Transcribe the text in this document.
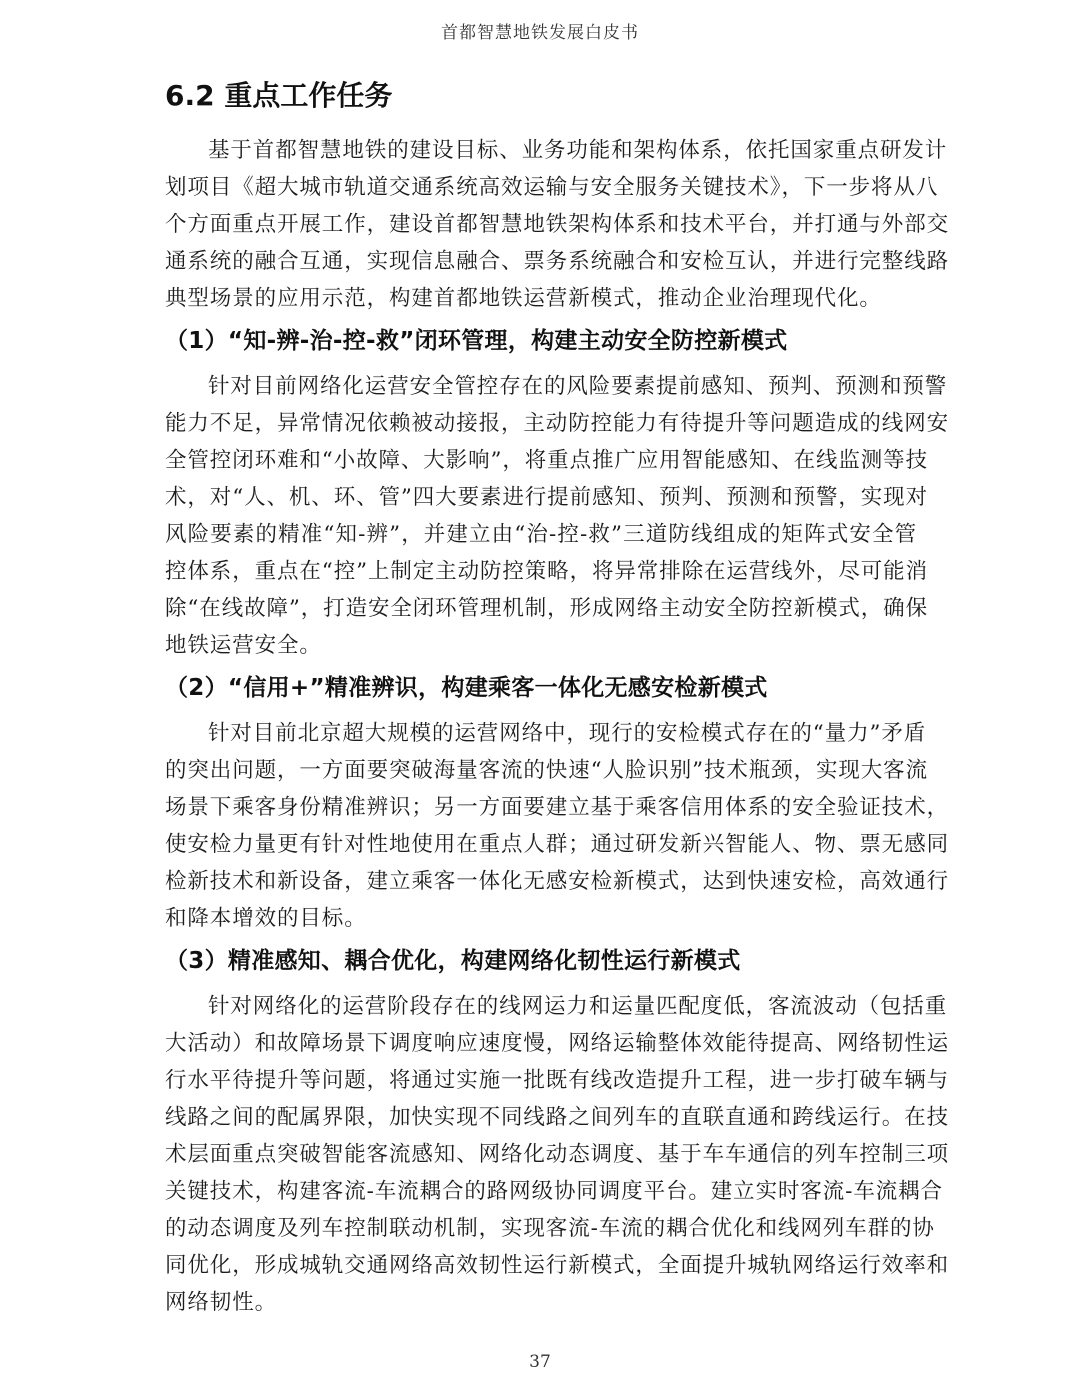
首都智慧地铁发展白皮书
6.2 重点工作任务

基于首都智慧地铁的建设目标、业务功能和架构体系，依托国家重点研发计
划项目《超大城市轨道交通系统高效运输与安全服务关键技术》，下一步将从八
个方面重点开展工作，建设首都智慧地铁架构体系和技术平台，并打通与外部交
通系统的融合互通，实现信息融合、票务系统融合和安检互认，并进行完整线路
典型场景的应用示范，构建首都地铁运营新模式，推动企业治理现代化。

（1）“知-辨-治-控-救”闭环管理，构建主动安全防控新模式

针对目前网络化运营安全管控存在的风险要素提前感知、预判、预测和预警
能力不足，异常情况依赖被动接报，主动防控能力有待提升等问题造成的线网安
全管控闭环难和“小故障、大影响”，将重点推广应用智能感知、在线监测等技
术，对“人、机、环、管”四大要素进行提前感知、预判、预测和预警，实现对
风险要素的精准“知-辨”，并建立由“治-控-救”三道防线组成的矩阵式安全管
控体系，重点在“控”上制定主动防控策略，将异常排除在运营线外，尽可能消
除“在线故障”，打造安全闭环管理机制，形成网络主动安全防控新模式，确保
地铁运营安全。

（2）“信用+”精准辨识，构建乘客一体化无感安检新模式

针对目前北京超大规模的运营网络中，现行的安检模式存在的“量力”矛盾
的突出问题，一方面要突破海量客流的快速“人脸识别”技术瓶颈，实现大客流
场景下乘客身份精准辨识；另一方面要建立基于乘客信用体系的安全验证技术，
使安检力量更有针对性地使用在重点人群；通过研发新兴智能人、物、票无感同
检新技术和新设备，建立乘客一体化无感安检新模式，达到快速安检，高效通行
和降本增效的目标。

（3）精准感知、耦合优化，构建网络化韧性运行新模式

针对网络化的运营阶段存在的线网运力和运量匹配度低，客流波动（包括重
大活动）和故障场景下调度响应速度慢，网络运输整体效能待提高、网络韧性运
行水平待提升等问题，将通过实施一批既有线改造提升工程，进一步打破车辆与
线路之间的配属界限，加快实现不同线路之间列车的直联直通和跨线运行。在技
术层面重点突破智能客流感知、网络化动态调度、基于车车通信的列车控制三项
关键技术，构建客流-车流耦合的路网级协同调度平台。建立实时客流-车流耦合
的动态调度及列车控制联动机制，实现客流-车流的耦合优化和线网列车群的协
同优化，形成城轨交通网络高效韧性运行新模式，全面提升城轨网络运行效率和
网络韧性。

37
